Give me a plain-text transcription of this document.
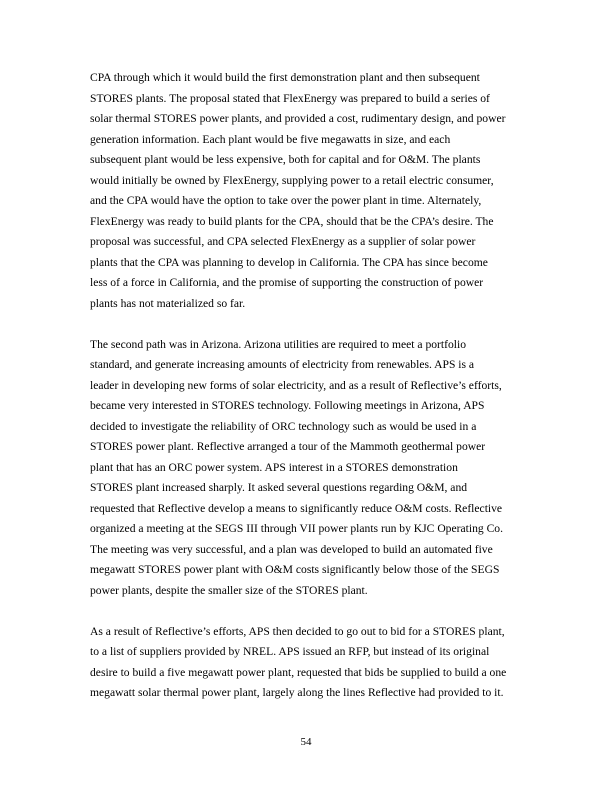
CPA through which it would build the first demonstration plant and then subsequent
STORES plants. The proposal stated that FlexEnergy was prepared to build a series of
solar thermal STORES power plants, and provided a cost, rudimentary design, and power
generation information. Each plant would be five megawatts in size, and each
subsequent plant would be less expensive, both for capital and for O&M. The plants
would initially be owned by FlexEnergy, supplying power to a retail electric consumer,
and the CPA would have the option to take over the power plant in time. Alternately,
FlexEnergy was ready to build plants for the CPA, should that be the CPA’s desire. The
proposal was successful, and CPA selected FlexEnergy as a supplier of solar power
plants that the CPA was planning to develop in California. The CPA has since become
less of a force in California, and the promise of supporting the construction of power
plants has not materialized so far.

The second path was in Arizona. Arizona utilities are required to meet a portfolio
standard, and generate increasing amounts of electricity from renewables. APS is a
leader in developing new forms of solar electricity, and as a result of Reflective’s efforts,
became very interested in STORES technology. Following meetings in Arizona, APS
decided to investigate the reliability of ORC technology such as would be used in a
STORES power plant. Reflective arranged a tour of the Mammoth geothermal power
plant that has an ORC power system. APS interest in a STORES demonstration
STORES plant increased sharply. It asked several questions regarding O&M, and
requested that Reflective develop a means to significantly reduce O&M costs. Reflective
organized a meeting at the SEGS III through VII power plants run by KJC Operating Co.
The meeting was very successful, and a plan was developed to build an automated five
megawatt STORES power plant with O&M costs significantly below those of the SEGS
power plants, despite the smaller size of the STORES plant.

As a result of Reflective’s efforts, APS then decided to go out to bid for a STORES plant,
to a list of suppliers provided by NREL. APS issued an RFP, but instead of its original
desire to build a five megawatt power plant, requested that bids be supplied to build a one
megawatt solar thermal power plant, largely along the lines Reflective had provided to it.

54
